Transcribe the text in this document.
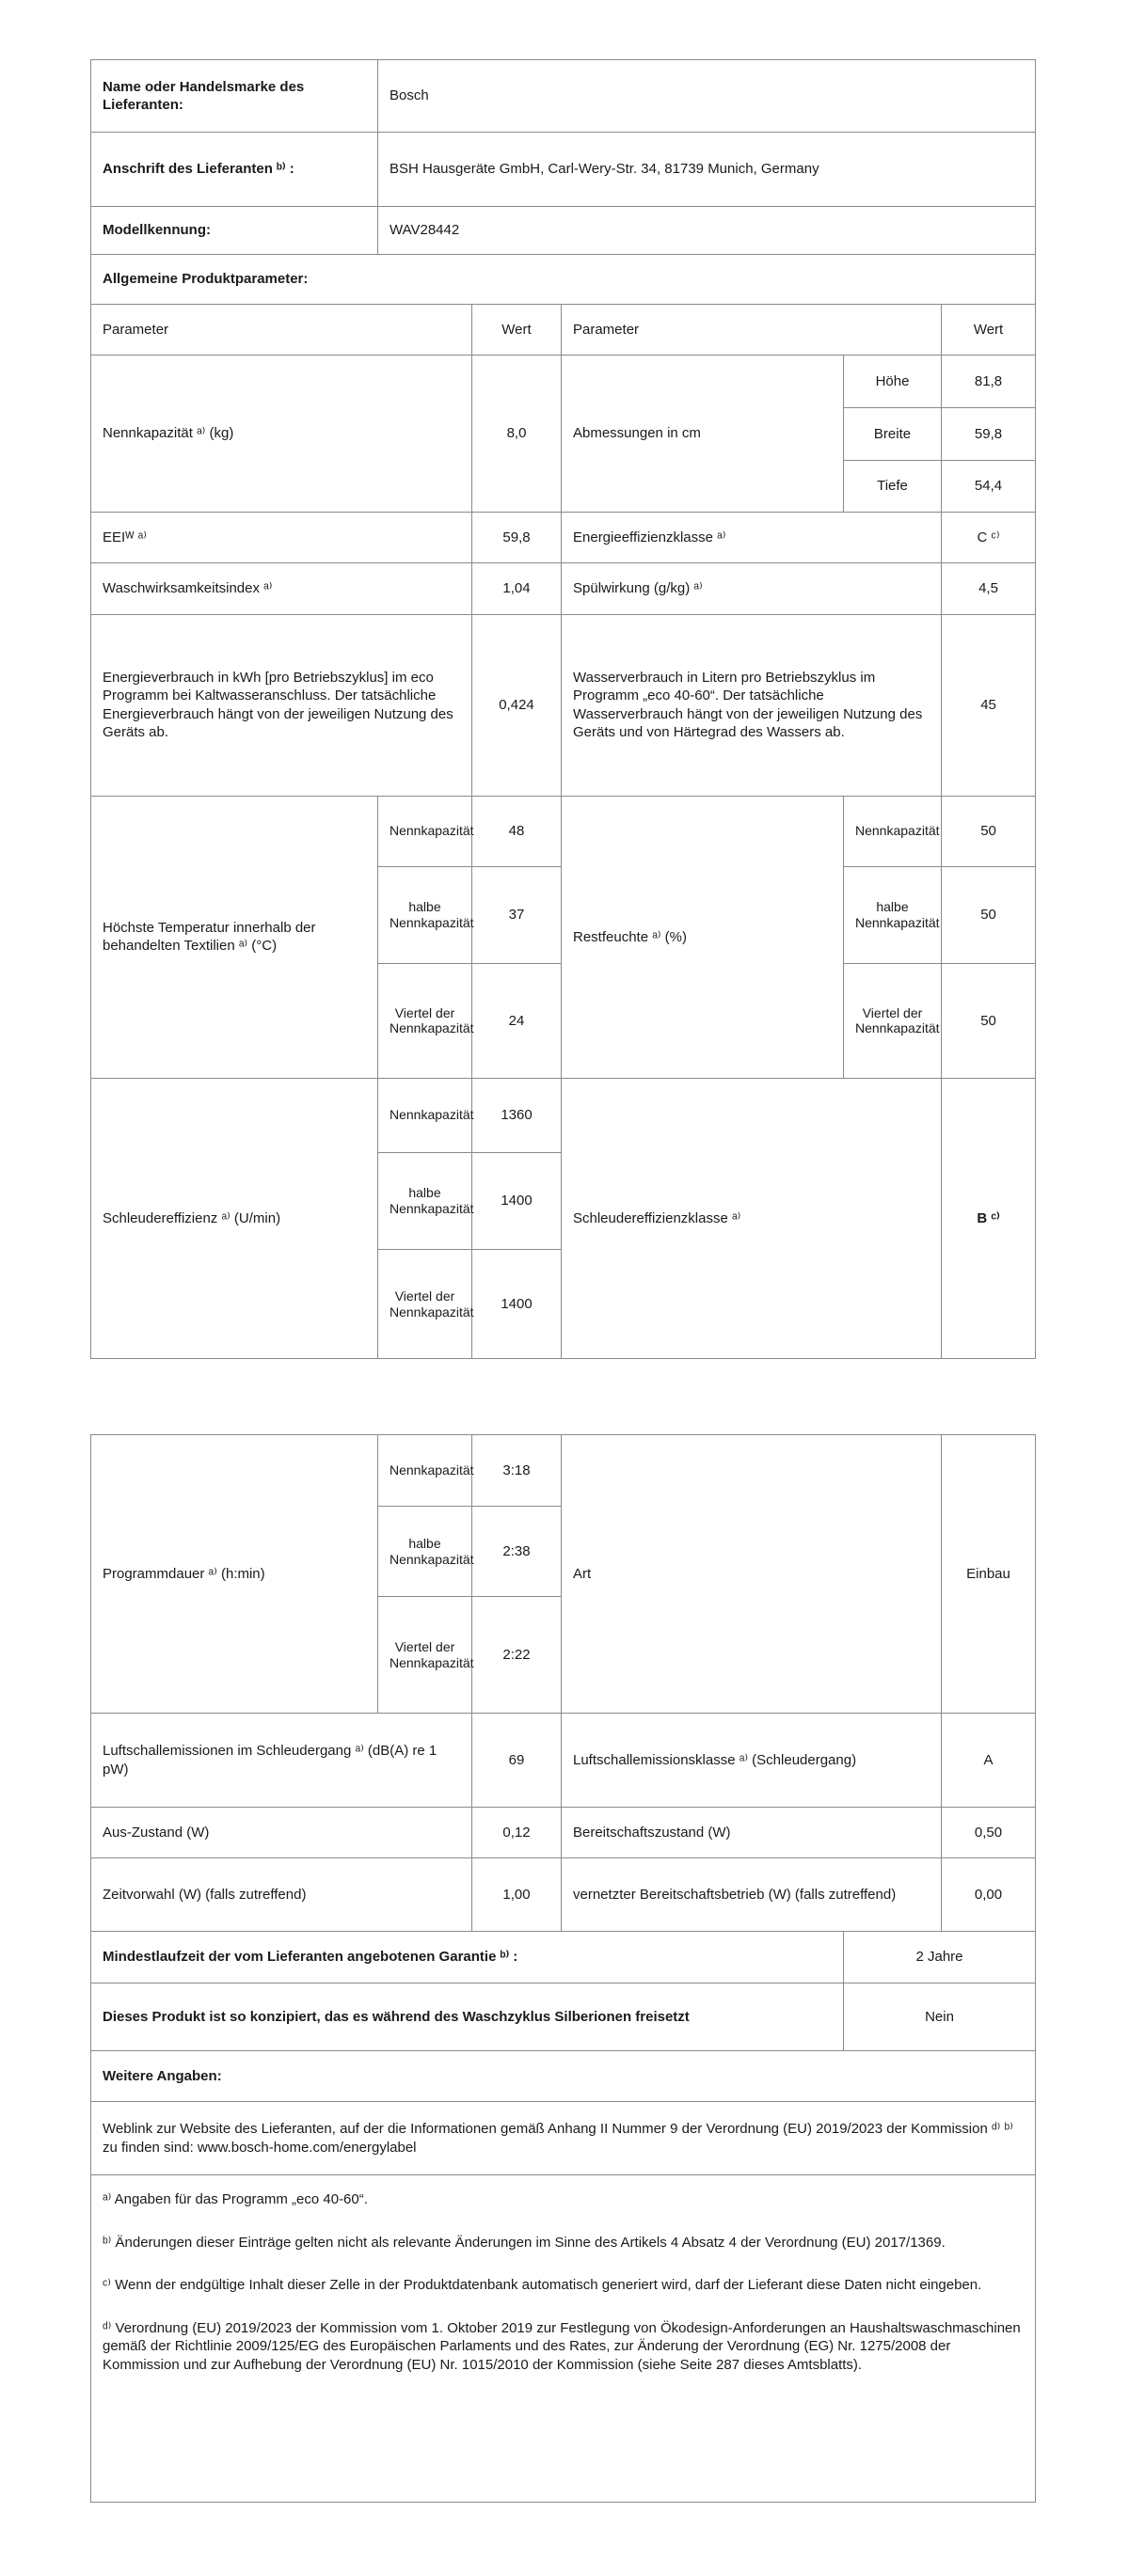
Name oder Handelsmarke des Lieferanten:	Bosch				
Anschrift des Lieferanten ᵇ⁾ :	BSH Hausgeräte GmbH, Carl-Wery-Str. 34, 81739 Munich, Germany				
Modellkennung:	WAV28442				
Allgemeine Produktparameter:					
Parameter		Wert	Parameter		Wert
Nennkapazität ᵃ⁾ (kg)		8,0	Abmessungen in cm	Höhe	81,8
				Breite	59,8
				Tiefe	54,4
EEIᵂ ᵃ⁾		59,8	Energieeffizienzklasse ᵃ⁾		C ᶜ⁾
Waschwirksamkeitsindex ᵃ⁾		1,04	Spülwirkung (g/kg) ᵃ⁾		4,5
Energieverbrauch in kWh [pro Betriebszyklus] im eco Programm bei Kaltwasseranschluss. Der tatsächliche Energieverbrauch hängt von der jeweiligen Nutzung des Geräts ab.		0,424	Wasserverbrauch in Litern pro Betriebszyklus im Programm „eco 40-60“. Der tatsächliche Wasserverbrauch hängt von der jeweiligen Nutzung des Geräts und von Härtegrad des Wassers ab.		45
Höchste Temperatur innerhalb der behandelten Textilien ᵃ⁾ (°C)	Nennkapazität	48	Restfeuchte ᵃ⁾ (%)	Nennkapazität	50
	halbe Nennkapazität	37		halbe Nennkapazität	50
	Viertel der Nennkapazität	24		Viertel der Nennkapazität	50
Schleudereffizienz ᵃ⁾ (U/min)	Nennkapazität	1360	Schleudereffizienzklasse ᵃ⁾		B ᶜ⁾
	halbe Nennkapazität	1400			
	Viertel der Nennkapazität	1400			
Programmdauer ᵃ⁾ (h:min)	Nennkapazität	3:18	Art		Einbau
	halbe Nennkapazität	2:38			
	Viertel der Nennkapazität	2:22			
Luftschallemissionen im Schleudergang ᵃ⁾ (dB(A) re 1 pW)		69	Luftschallemissionsklasse ᵃ⁾ (Schleudergang)		A
Aus-Zustand (W)		0,12	Bereitschaftszustand (W)		0,50
Zeitvorwahl (W) (falls zutreffend)		1,00	vernetzter Bereitschaftsbetrieb (W) (falls zutreffend)		0,00
Mindestlaufzeit der vom Lieferanten angebotenen Garantie ᵇ⁾ :				2 Jahre	
Dieses Produkt ist so konzipiert, das es während des Waschzyklus Silberionen freisetzt				Nein	
Weitere Angaben:					
Weblink zur Website des Lieferanten, auf der die Informationen gemäß Anhang II Nummer 9 der Verordnung (EU) 2019/2023 der Kommission ᵈ⁾ ᵇ⁾ zu finden sind: www.bosch-home.com/energylabel					

ᵃ⁾ Angaben für das Programm „eco 40-60“.
ᵇ⁾ Änderungen dieser Einträge gelten nicht als relevante Änderungen im Sinne des Artikels 4 Absatz 4 der Verordnung (EU) 2017/1369.
ᶜ⁾ Wenn der endgültige Inhalt dieser Zelle in der Produktdatenbank automatisch generiert wird, darf der Lieferant diese Daten nicht eingeben.
ᵈ⁾ Verordnung (EU) 2019/2023 der Kommission vom 1. Oktober 2019 zur Festlegung von Ökodesign-Anforderungen an Haushaltswaschmaschinen gemäß der Richtlinie 2009/125/EG des Europäischen Parlaments und des Rates, zur Änderung der Verordnung (EG) Nr. 1275/2008 der Kommission und zur Aufhebung der Verordnung (EU) Nr. 1015/2010 der Kommission (siehe Seite 287 dieses Amtsblatts).					
